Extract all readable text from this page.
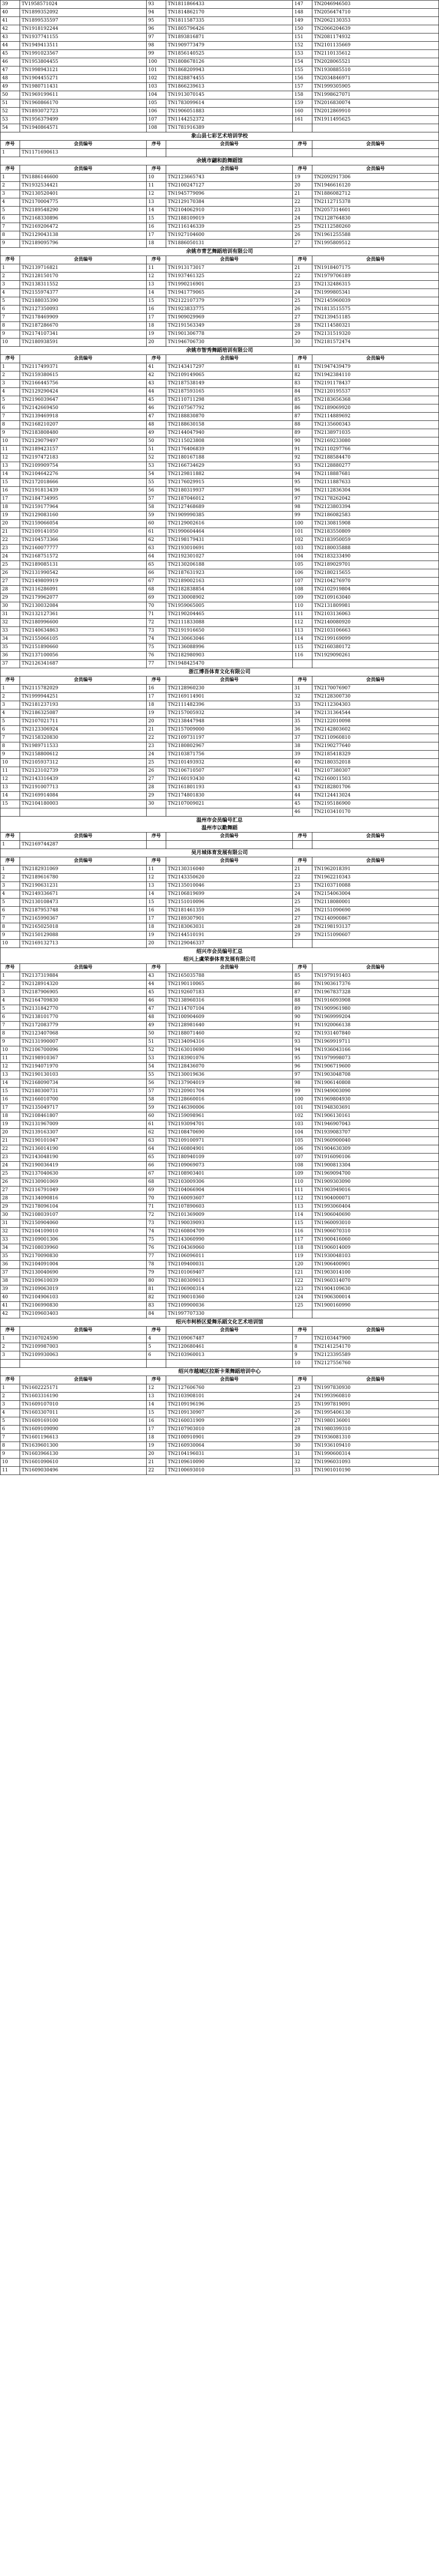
39	TV1958571024	93	TN1811866433	147	TN2046946503
40	TN1899352092	94	TN1814862170	148	TN2056474710
41	TN1899535597	95	TN1811587335	149	TN2062130353
42	TN1918192244	96	TN1805796426	150	TN2066204639
43	TN1937741155	97	TN1893816871	151	TN2081174932
44	TN1949413511	98	TN1909773479	152	TN2101135669
45	TN1991023567	99	TN1856140525	153	TN2110135612
46	TN1953804455	100	TN1808678126	154	TN2028065521
47	TN1998943121	101	TN1868209943	155	TN1930885510
48	TN1904455271	102	TN1828874455	156	TN2034846971
49	TN1980711431	103	TN1866239613	157	TN1999305905
50	TN1969199611	104	TN1913070145	158	TN1998627071
51	TN1960866170	105	TN1783099614	159	TN2016830074
52	TN1893072723	106	TN1906051883	160	TN2012869910
53	TN1956379499	107	TN1144252372	161	TN1911495625
54	TN1940864571	108	TN1781916389		
象山县七彩艺术培训学校
序号	会员编号	序号	会员编号	序号	会员编号
1	TN1171690613				
余姚市翩和韵舞蹈馆
序号	会员编号	序号	会员编号	序号	会员编号
1	TN1886146600	10	TN2123665743	19	TN2092917306
2	TN1932534421	11	TN2100247127	20	TN1946616120
3	TN2130520401	12	TN1945779096	21	TN1886082712
4	TN2170004775	13	TN2129170384	22	TN2112715378
5	TN2189548290	14	TN2104062910	23	TN2057314601
6	TN2168330896	15	TN2188109019	24	TN2128764830
7	TN2169206472	16	TN2116146339	25	TN2112580260
8	TN2129043138	17	TN1927104600	26	TN1961255588
9	TN2189095796	18	TN1886050131	27	TN1995809512
余姚市青艺舞蹈培训有限公司
序号	会员编号	序号	会员编号	序号	会员编号
1	TN2139716821	11	TN1913173017	21	TN1918407175
2	TN2128150170	12	TN1937461325	22	TN1979706189
3	TN2138311552	13	TN1990216901	23	TN2132486315
4	TN2155974377	14	TN1941779065	24	TN1999805341
5	TN2188035390	15	TN2122107379	25	TN2145960039
6	TN2127350093	16	TN1923833775	26	TN1813515575
7	TN2178469909	17	TN1909029969	27	TN2139451185
8	TN2187286670	18	TN2191563349	28	TN2114580321
9	TN2174107341	19	TN1901306778	29	TN2131519320
10	TN2180938591	20	TN1946706730	30	TN2181572474
余姚市智秀舞蹈培训有限公司
序号	会员编号	序号	会员编号	序号	会员编号
1	TN2117499371	41	TN2143417297	81	TN1947439479
2	TN2159380615	42	TN2109149065	82	TN1942384110
3	TN2166445756	43	TN2187538149	83	TN2191178437
4	TN2129290424	44	TN2187593165	84	TN2120195537
5	TN2196039647	45	TN2110711298	85	TN2183656368
6	TN2142669450	46	TN2107567792	86	TN2189069920
7	TN2139469918	47	TN2188830870	87	TN2114889692
8	TN2168210207	48	TN2188630158	88	TN2135600343
9	TN2183808480	49	TN2144047940	89	TN2138971035
10	TN2129079497	50	TN2115023808	90	TN2169233080
11	TN2189423157	51	TN2176406839	91	TN2110297766
12	TN2197472183	52	TN2180167188	92	TN2188584470
13	TN2109909754	53	TN2166734629	93	TN2128880277
14	TN2104642276	54	TN2129811882	94	TN2118887681
15	TN2172018666	55	TN2176029915	95	TN2111887633
16	TN2191813439	56	TN2180319937	96	TN2112836304
17	TN2184734995	57	TN2187046012	97	TN2178262042
18	TN2159177964	58	TN2127468689	98	TN2123803394
19	TN2129083160	59	TN1909990385	99	TN2186082583
20	TN2159066054	60	TN2129002616	100	TN2130815908
21	TN2109141050	61	TN1990604464	101	TN2183550809
22	TN2104573366	62	TN2198179431	102	TN2183950059
23	TN2160077777	63	TN2193010691	103	TN2180035888
24	TN2168751572	64	TN2192301027	104	TN2183233490
25	TN2189085131	65	TN2130206188	105	TN2189029701
26	TN2131990542	66	TN2187631923	106	TN2180215655
27	TN2149809919	67	TN2189002163	107	TN2104276970
28	TN2116286091	68	TN2182838854	108	TN2102919804
29	TN2179962077	69	TN2130008902	109	TN2109163040
30	TN2130032084	70	TN1959065005	110	TN2131809981
31	TN2132127361	71	TN2190204465	111	TN2103136063
32	TN2180996600	72	TN2111833088	112	TN2140080920
33	TN2140634863	73	TN2191916650	113	TN2103106663
34	TN2155066105	74	TN2130663046	114	TN2199169099
35	TN2151890660	75	TN2136088996	115	TN2160380172
36	TN2137100056	76	TN2182980903	116	TN1929090261
37	TN2126341687	77	TN1948425470		
浙江博吾体育文化有限公司
序号	会员编号	序号	会员编号	序号	会员编号
1	TN2115782029	16	TN2128960230	31	TN2170076907
2	TN1999944251	17	TN2169114901	32	TN2128300730
3	TN2181237193	18	TN2111482396	33	TN2112304303
4	TN2186325087	19	TN2157005932	34	TN2131364544
5	TN2107021711	20	TN2138447948	35	TN2122010098
6	TN2123306924	21	TN2157009000	36	TN2142803602
7	TN2158320830	22	TN2109731197	37	TN2110960810
8	TN1989711533	23	TN2180802967	38	TN2190277640
9	TN2158800612	24	TN2103871756	39	TN2185418329
10	TN2105937312	25	TN2101493932	40	TN2180352018
11	TN2123102739	26	TN2106710507	41	TN2107380307
12	TN2143316439	27	TN2160193430	42	TN2160011503
13	TN2191007713	28	TN2161801193	43	TN2182801706
14	TN2169914084	29	TN2174801830	44	TN2124413024
15	TN2104180003	30	TN2107009021	45	TN2195186900
				46	TN2103410170
温州市会员编号汇总
温州市以勤舞蹈
序号	会员编号	序号	会员编号	序号	会员编号
1	TN2169744287				
吴月城体育发展有限公司
序号	会员编号	序号	会员编号	序号	会员编号
1	TN2182931069	11	TN2130316040	21	TN1962018391
2	TN2189616780	12	TN2143350620	22	TN1962210343
3	TN2190631231	13	TN2135010046	23	TN2103710088
4	TN2149336671	14	TN2106819699	24	TN2154063004
5	TN2130108473	15	TN2151010096	25	TN2118080001
6	TN2187953748	16	TN2181461359	26	TN2151090690
7	TN2165990367	17	TN2189307901	27	TN2140900867
8	TN2165025018	18	TN2183063031	28	TN2198193137
9	TN2150129088	19	TN2144510191	29	TN2151090607
10	TN2169132713	20	TN2129046337		
绍兴市会员编号汇总
绍兴上虞荣泰体育发展有限公司
序号	会员编号	序号	会员编号	序号	会员编号
1	TN2137319884	43	TN2165035788	85	TN1979191403
2	TN2128914320	44	TN2190110065	86	TN1903617376
3	TN2187906905	45	TN2192607183	87	TN1967837328
4	TN2164709830	46	TN2138960316	88	TN1916093908
5	TN2131842770	47	TN2114707104	89	TN1909961980
6	TN2138101770	48	TN2100904609	90	TN1969999204
7	TN2172083779	49	TN2128981640	91	TN1920066138
8	TN2123407068	50	TN2188071460	92	TN1931407840
9	TN2131990007	51	TN2134094316	93	TN1969919711
10	TN2106700096	52	TN2163010690	94	TN1936043166
11	TN2198910367	53	TN2183901076	95	TN1979998073
12	TN2194071970	54	TN2128436070	96	TN1906719600
13	TN2190130103	55	TN2130019636	97	TN1903048708
14	TN2168090734	56	TN2137904019	98	TN1906140808
15	TN2180300731	57	TN2120901704	99	TN1949003090
16	TN2166010700	58	TN2128660016	100	TN1969804930
17	TN2135049717	59	TN2146390006	101	TN1948303691
18	TN2108461807	60	TN2159098961	102	TN1906130161
19	TN2131967009	61	TN2193094701	103	TN1946907043
20	TN2139163307	62	TN2108470690	104	TN1939083707
21	TN2190101047	63	TN2109100971	105	TN1960900040
22	TN2136014190	64	TN2160804901	106	TN1904630309
23	TN2143048190	65	TN2180940109	107	TN1916090106
24	TN2190036419	66	TN2109069073	108	TN1900813304
25	TN2137040630	67	TN2108903401	109	TN1969094700
26	TN2130901069	68	TN2103009306	110	TN1909303090
27	TN2116791049	69	TN2104066904	111	TN1903949016
28	TN2134090816	70	TN2160093607	112	TN1904000071
29	TN2178096104	71	TN2107890603	113	TN1993060404
30	TN2108039107	72	TN2101369009	114	TN1906040690
31	TN2150904060	73	TN2190039093	115	TN1960093010
32	TN2104109010	74	TN2160804709	116	TN1906070310
33	TN2109001306	75	TN2143060990	117	TN1900416060
34	TN2108039960	76	TN2104369060	118	TN1906014009
35	TN2170090830	77	TN2106096011	119	TN1930048103
36	TN2104091004	78	TN2109400031	120	TN1906400901
37	TN2130040690	79	TN2101069407	121	TN1903014100
38	TN2109610039	80	TN2180309013	122	TN1960314070
39	TN2109063019	81	TN2106900314	123	TN1904109630
40	TN2104906103	82	TN2190010360	124	TN1906300014
41	TN2106990830	83	TN2109900036	125	TN1900160990
42	TN2109603403	84	TN1997707330		
绍兴市柯桥区爱舞乐蹈文化艺术培训馆
序号	会员编号	序号	会员编号	序号	会员编号
1	TN2107024590	4	TN2109067487	7	TN2103447900
2	TN2109987003	5	TN2120680461	8	TN2141254170
3	TN2109930063	6	TN2103960013	9	TN2123395589
				10	TN2127556760
绍兴市越城区拉斯卡莱舞蹈培训中心
序号	会员编号	序号	会员编号	序号	会员编号
1	TN1602225171	12	TN2127606760	23	TN1997830930
2	TN1603316190	13	TN2103908101	24	TN1993960810
3	TN1609107010	14	TN2109196196	25	TN1997819091
4	TN1603307011	15	TN2109130907	26	TN1995406130
5	TN1609169100	16	TN2160031909	27	TN1980136001
6	TN1609109090	17	TN2107903010	28	TN1980399310
7	TN1601196613	18	TN2100910901	29	TN1936081310
8	TN1639601300	19	TN2160930064	30	TN1936109410
9	TN1603966130	20	TN2104196031	31	TN1990600314
10	TN1601090610	21	TN2109610090	32	TN1996031093
11	TN1609030496	22	TN2100693010	33	TN1901010190
